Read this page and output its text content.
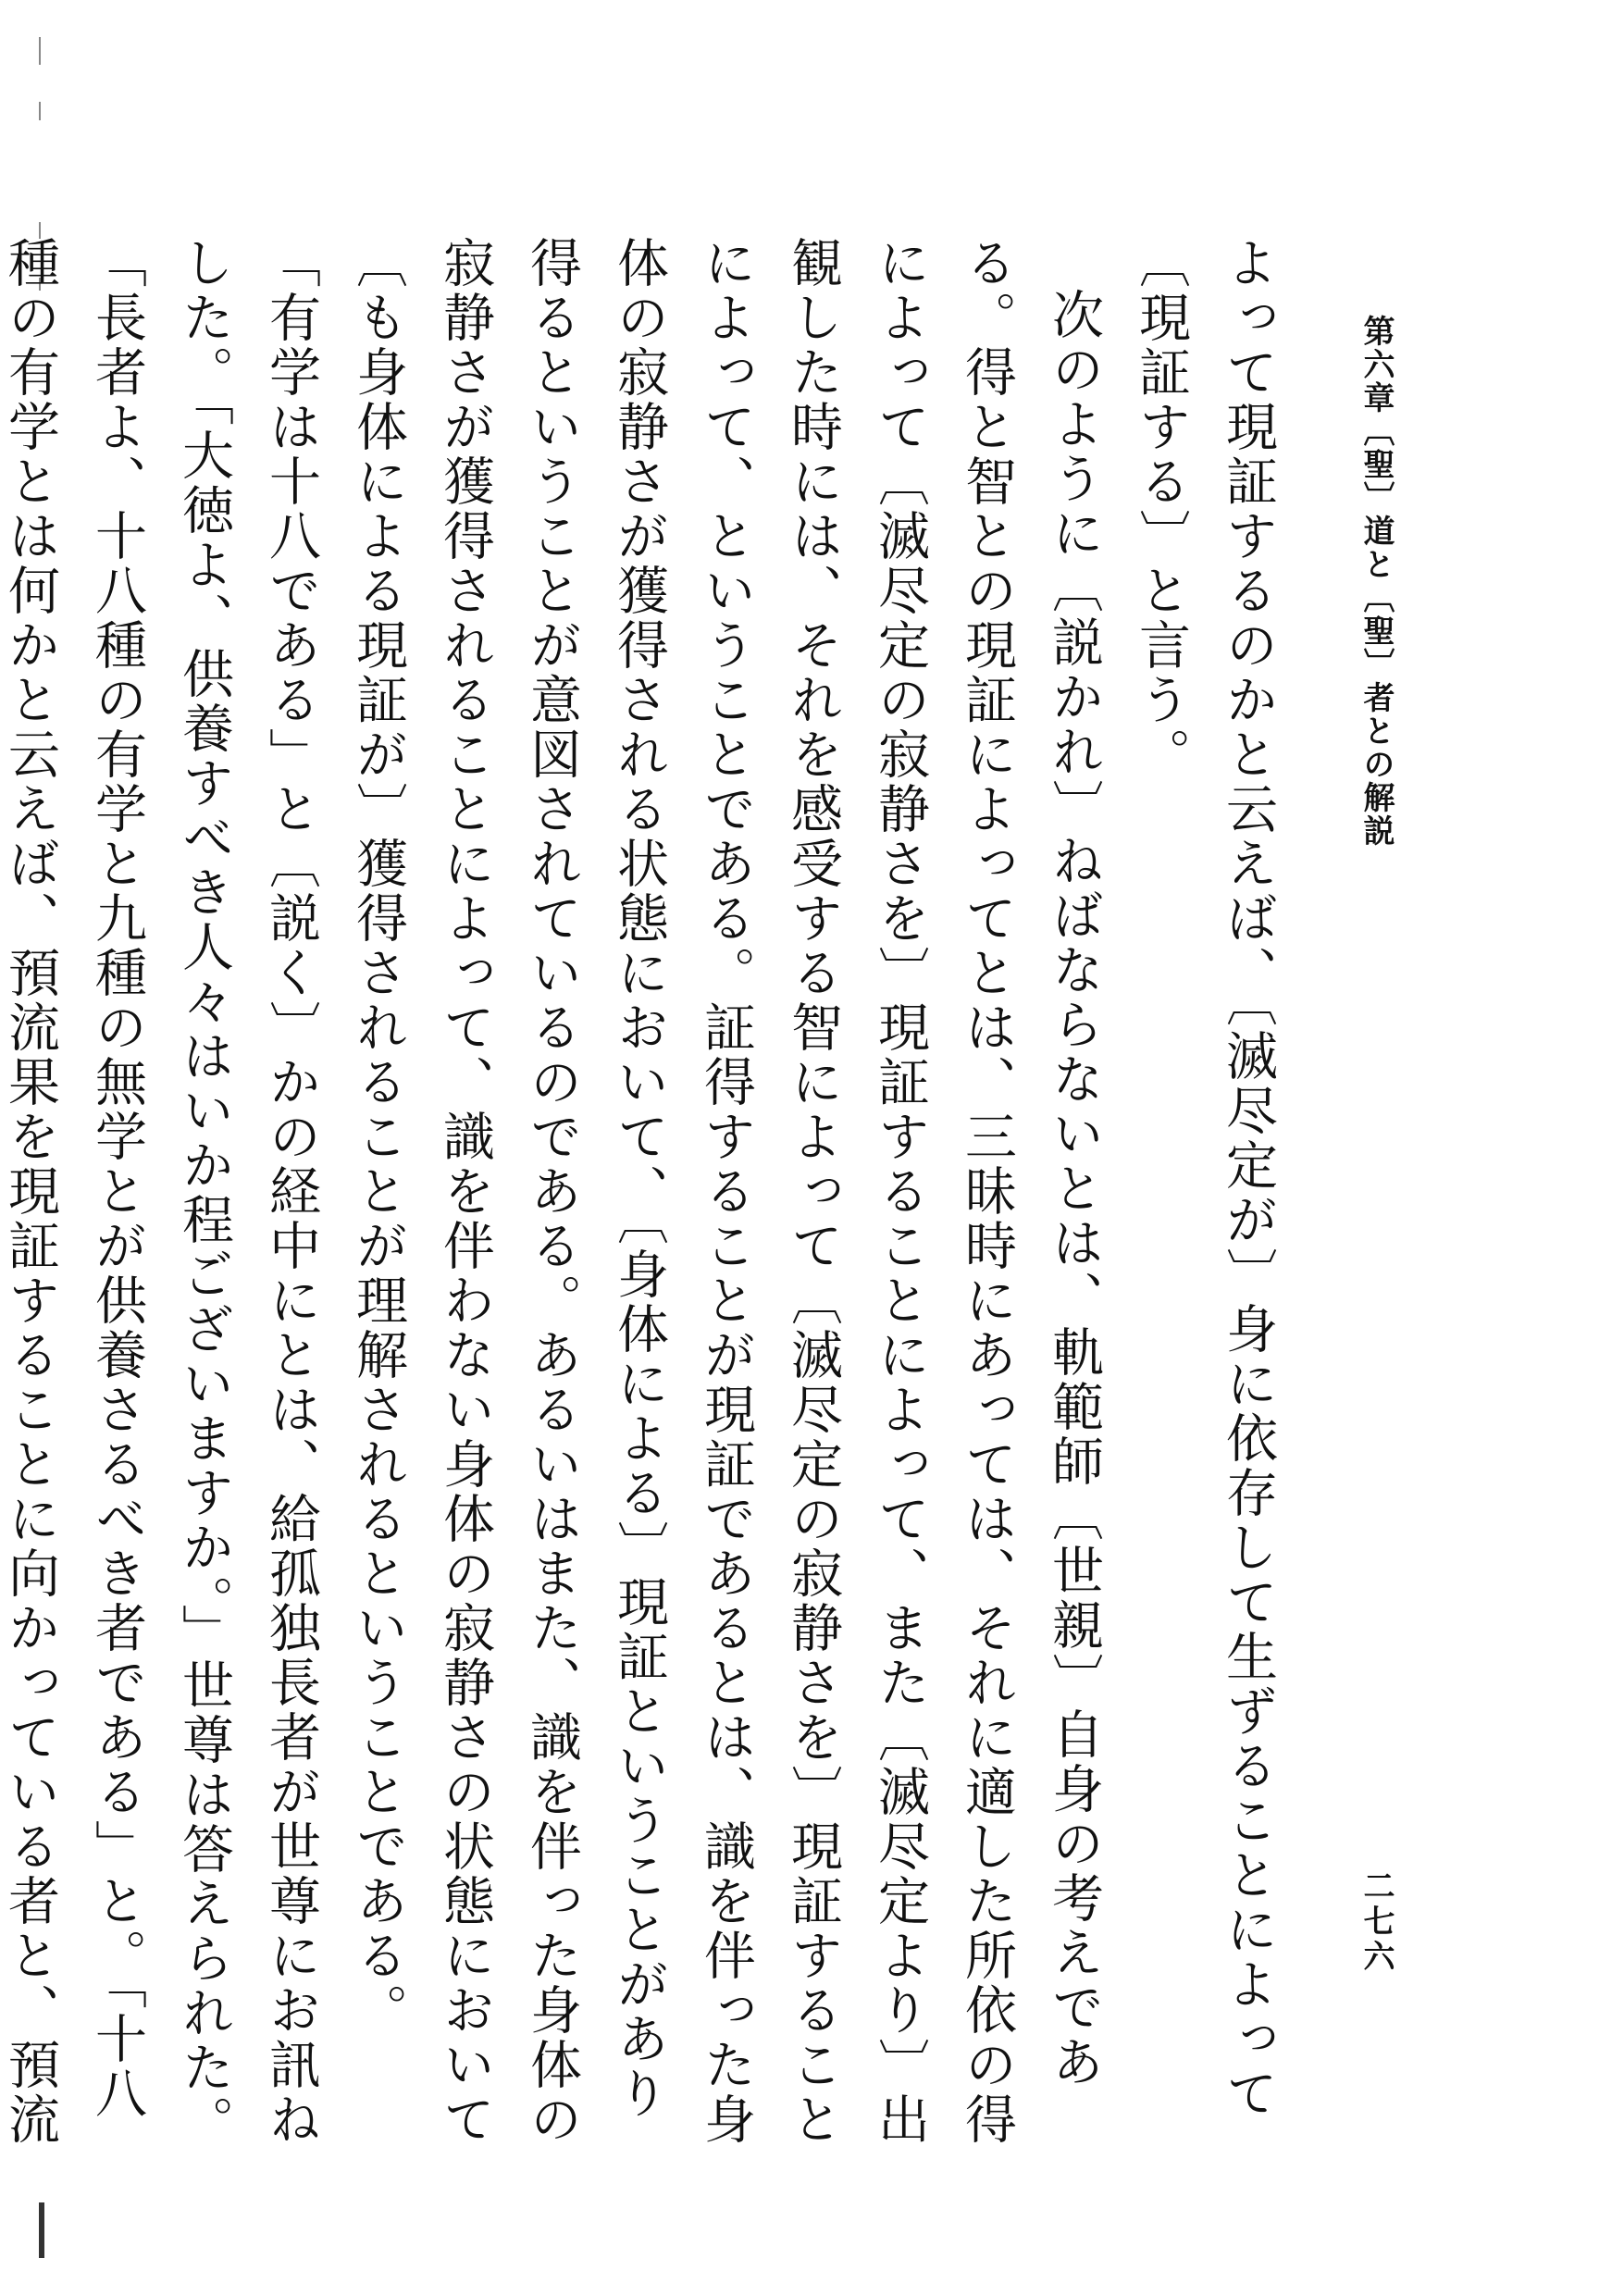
第六章〔聖〕道と〔聖〕者との解説
二七六

よって現証するのかと云えば、〔滅尽定が〕身に依存して生ずることによって〔現証する〕と言う。

次のように〔説かれ〕ねばならないとは、軌範師〔世親〕自身の考えである。得と智との現証によってとは、三昧時にあっては、それに適した所依の得によって〔滅尽定の寂静さを〕現証することによって、また〔滅尽定より〕出観した時には、それを感受する智によって〔滅尽定の寂静さを〕現証することによって、ということである。証得することが現証であるとは、識を伴った身体の寂静さが獲得される状態において、〔身体による〕現証ということがあり得るということが意図されているのである。あるいはまた、識を伴った身体の寂静さが獲得されることによって、識を伴わない身体の寂静さの状態において〔も身体による現証が〕獲得されることが理解されるということである。

「有学は十八である」と〔説く〕かの経中にとは、給孤独長者が世尊にお訊ねした。「大徳よ、供養すべき人々はいか程ございますか。」世尊は答えられた。「長者よ、十八種の有学と九種の無学とが供養さるべき者である」と。「十八種の有学とは何かと云えば、預流果を現証することに向かっている者と、預流
